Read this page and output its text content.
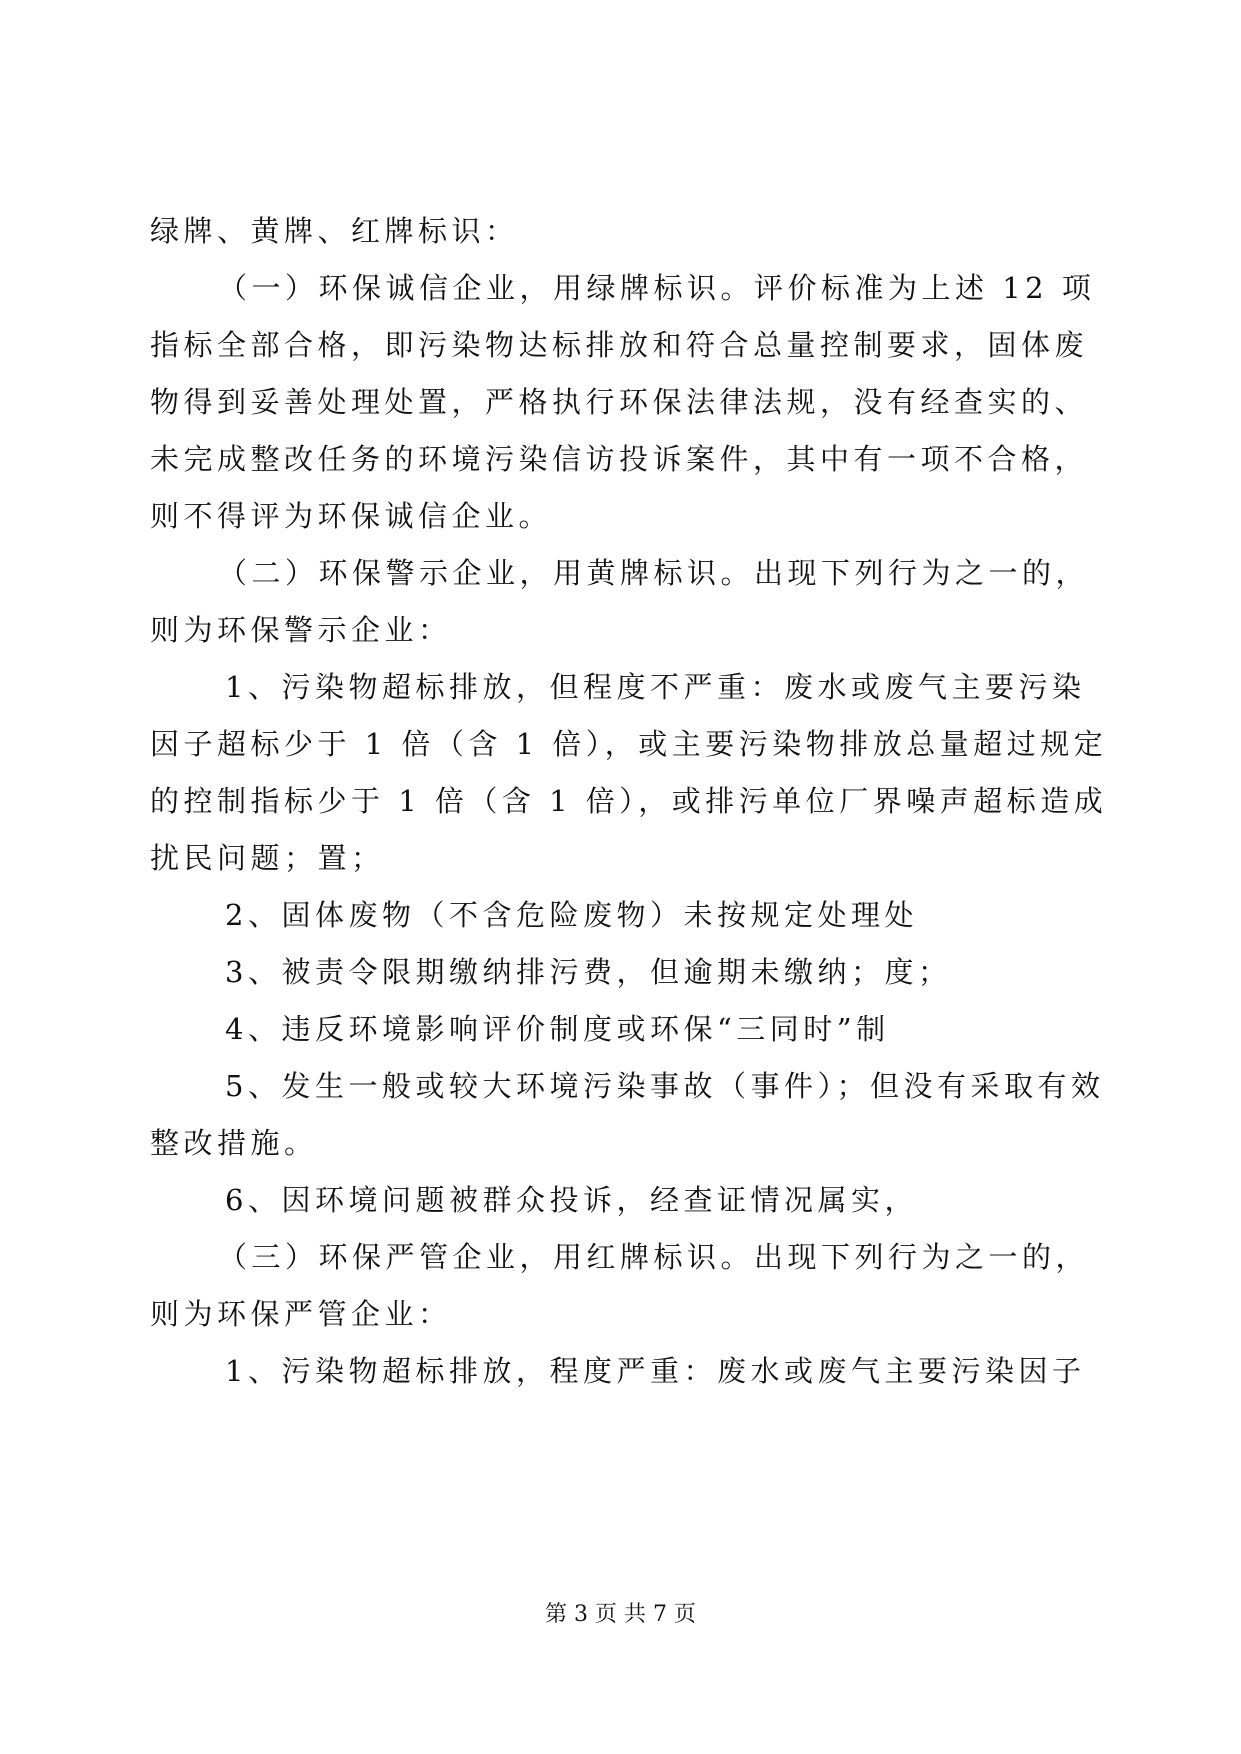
绿牌、黄牌、红牌标识：
（一）环保诚信企业，用绿牌标识。评价标准为上述 12 项
指标全部合格，即污染物达标排放和符合总量控制要求，固体废
物得到妥善处理处置，严格执行环保法律法规，没有经查实的、
未完成整改任务的环境污染信访投诉案件，其中有一项不合格，
则不得评为环保诚信企业。
（二）环保警示企业，用黄牌标识。出现下列行为之一的，
则为环保警示企业：
1、污染物超标排放，但程度不严重：废水或废气主要污染
因子超标少于 1 倍（含 1 倍），或主要污染物排放总量超过规定
的控制指标少于 1 倍（含 1 倍），或排污单位厂界噪声超标造成
扰民问题；置；
2、固体废物（不含危险废物）未按规定处理处
3、被责令限期缴纳排污费，但逾期未缴纳；度；
4、违反环境影响评价制度或环保“三同时”制
5、发生一般或较大环境污染事故（事件）；但没有采取有效
整改措施。
6、因环境问题被群众投诉，经查证情况属实，
（三）环保严管企业，用红牌标识。出现下列行为之一的，
则为环保严管企业：
1、污染物超标排放，程度严重：废水或废气主要污染因子
第 3 页 共 7 页
